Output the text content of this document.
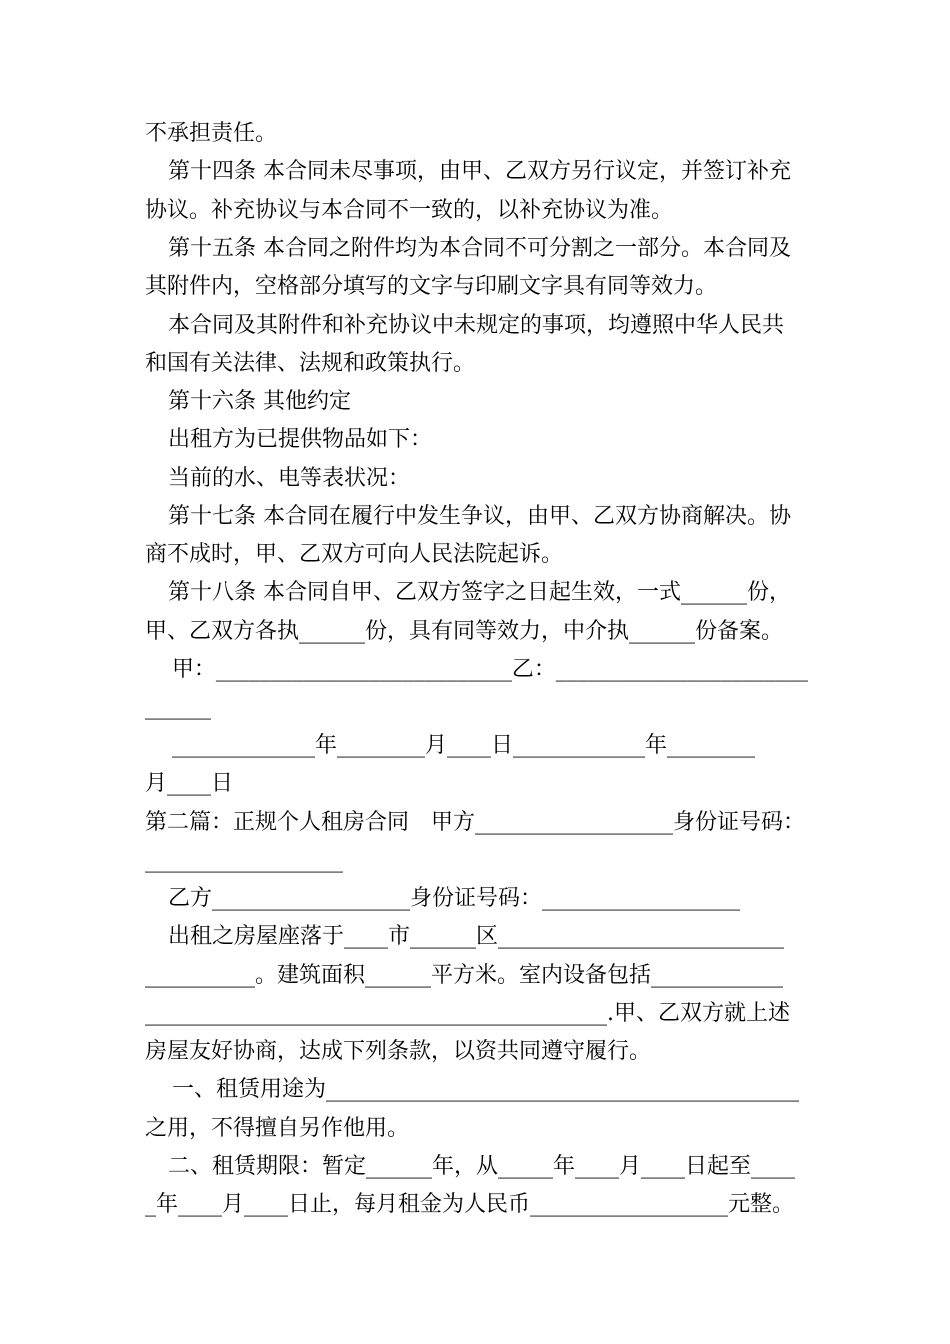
不承担责任。
第十四条 本合同未尽事项，由甲、乙双方另行议定，并签订补充
协议。补充协议与本合同不一致的，以补充协议为准。
第十五条 本合同之附件均为本合同不可分割之一部分。本合同及
其附件内，空格部分填写的文字与印刷文字具有同等效力。
本合同及其附件和补充协议中未规定的事项，均遵照中华人民共
和国有关法律、法规和政策执行。
第十六条 其他约定
出租方为已提供物品如下：
当前的水、电等表状况：
第十七条 本合同在履行中发生争议，由甲、乙双方协商解决。协
商不成时，甲、乙双方可向人民法院起诉。
第十八条 本合同自甲、乙双方签字之日起生效，一式______份，
甲、乙双方各执______份，具有同等效力，中介执______份备案。
甲：___________________________乙：_______________________
______
_____________年________月____日____________年________
月____日
第二篇：正规个人租房合同　甲方__________________身份证号码：
__________________
乙方__________________身份证号码：__________________
出租之房屋座落于____市______区__________________________
__________。建筑面积______平方米。室内设备包括____________
__________________________________________.甲、乙双方就上述
房屋友好协商，达成下列条款，以资共同遵守履行。
一、租赁用途为___________________________________________
之用，不得擅自另作他用。
二、租赁期限：暂定______年，从_____年____月____日起至____
_年____月____日止，每月租金为人民币__________________元整。
